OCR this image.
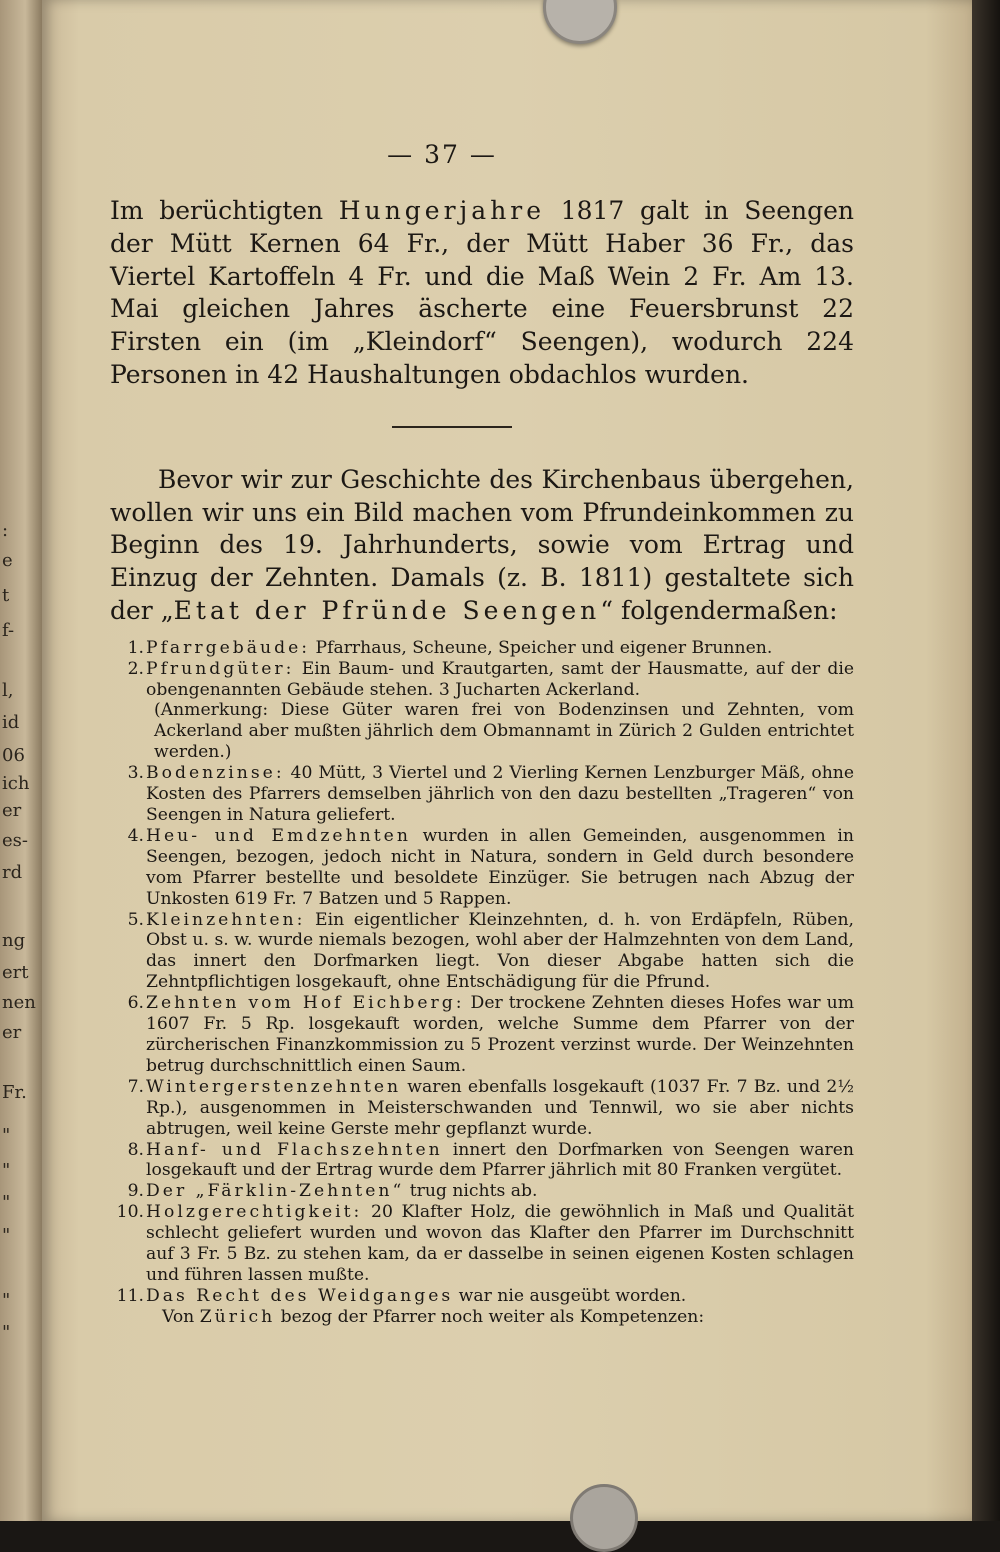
:
e
t
f-
l,
id
06
ich
er
es-
rd
ng
ert
nen
er
Fr.
"
"
"
"
"
"
— 37 —

Im berüchtigten Hungerjahre 1817 galt in Seengen der Mütt Kernen 64 Fr., der Mütt Haber 36 Fr., das Viertel Kartoffeln 4 Fr. und die Maß Wein 2 Fr. Am 13. Mai gleichen Jahres äscherte eine Feuersbrunst 22 Firsten ein (im „Kleindorf“ Seengen), wodurch 224 Personen in 42 Haushaltungen obdachlos wurden.

Bevor wir zur Geschichte des Kirchenbaus übergehen, wollen wir uns ein Bild machen vom Pfrundeinkommen zu Beginn des 19. Jahrhunderts, sowie vom Ertrag und Einzug der Zehnten. Damals (z. B. 1811) gestaltete sich der „Etat der Pfründe Seengen“ folgendermaßen:

1. Pfarrgebäude: Pfarrhaus, Scheune, Speicher und eigener Brunnen.
2. Pfrundgüter: Ein Baum- und Krautgarten, samt der Hausmatte, auf der die obengenannten Gebäude stehen. 3 Jucharten Ackerland.
(Anmerkung: Diese Güter waren frei von Bodenzinsen und Zehnten, vom Ackerland aber mußten jährlich dem Obmannamt in Zürich 2 Gulden entrichtet werden.)
3. Bodenzinse: 40 Mütt, 3 Viertel und 2 Vierling Kernen Lenzburger Mäß, ohne Kosten des Pfarrers demselben jährlich von den dazu bestellten „Trageren“ von Seengen in Natura geliefert.
4. Heu- und Emdzehnten wurden in allen Gemeinden, ausgenommen in Seengen, bezogen, jedoch nicht in Natura, sondern in Geld durch besondere vom Pfarrer bestellte und besoldete Einzüger. Sie betrugen nach Abzug der Unkosten 619 Fr. 7 Batzen und 5 Rappen.
5. Kleinzehnten: Ein eigentlicher Kleinzehnten, d. h. von Erdäpfeln, Rüben, Obst u. s. w. wurde niemals bezogen, wohl aber der Halmzehnten von dem Land, das innert den Dorfmarken liegt. Von dieser Abgabe hatten sich die Zehntpflichtigen losgekauft, ohne Entschädigung für die Pfrund.
6. Zehnten vom Hof Eichberg: Der trockene Zehnten dieses Hofes war um 1607 Fr. 5 Rp. losgekauft worden, welche Summe dem Pfarrer von der zürcherischen Finanzkommission zu 5 Prozent verzinst wurde. Der Weinzehnten betrug durchschnittlich einen Saum.
7. Wintergerstenzehnten waren ebenfalls losgekauft (1037 Fr. 7 Bz. und 2½ Rp.), ausgenommen in Meisterschwanden und Tennwil, wo sie aber nichts abtrugen, weil keine Gerste mehr gepflanzt wurde.
8. Hanf- und Flachszehnten innert den Dorfmarken von Seengen waren losgekauft und der Ertrag wurde dem Pfarrer jährlich mit 80 Franken vergütet.
9. Der „Färklin-Zehnten“ trug nichts ab.
10. Holzgerechtigkeit: 20 Klafter Holz, die gewöhnlich in Maß und Qualität schlecht geliefert wurden und wovon das Klafter den Pfarrer im Durchschnitt auf 3 Fr. 5 Bz. zu stehen kam, da er dasselbe in seinen eigenen Kosten schlagen und führen lassen mußte.
11. Das Recht des Weidganges war nie ausgeübt worden.

Von Zürich bezog der Pfarrer noch weiter als Kompetenzen:
